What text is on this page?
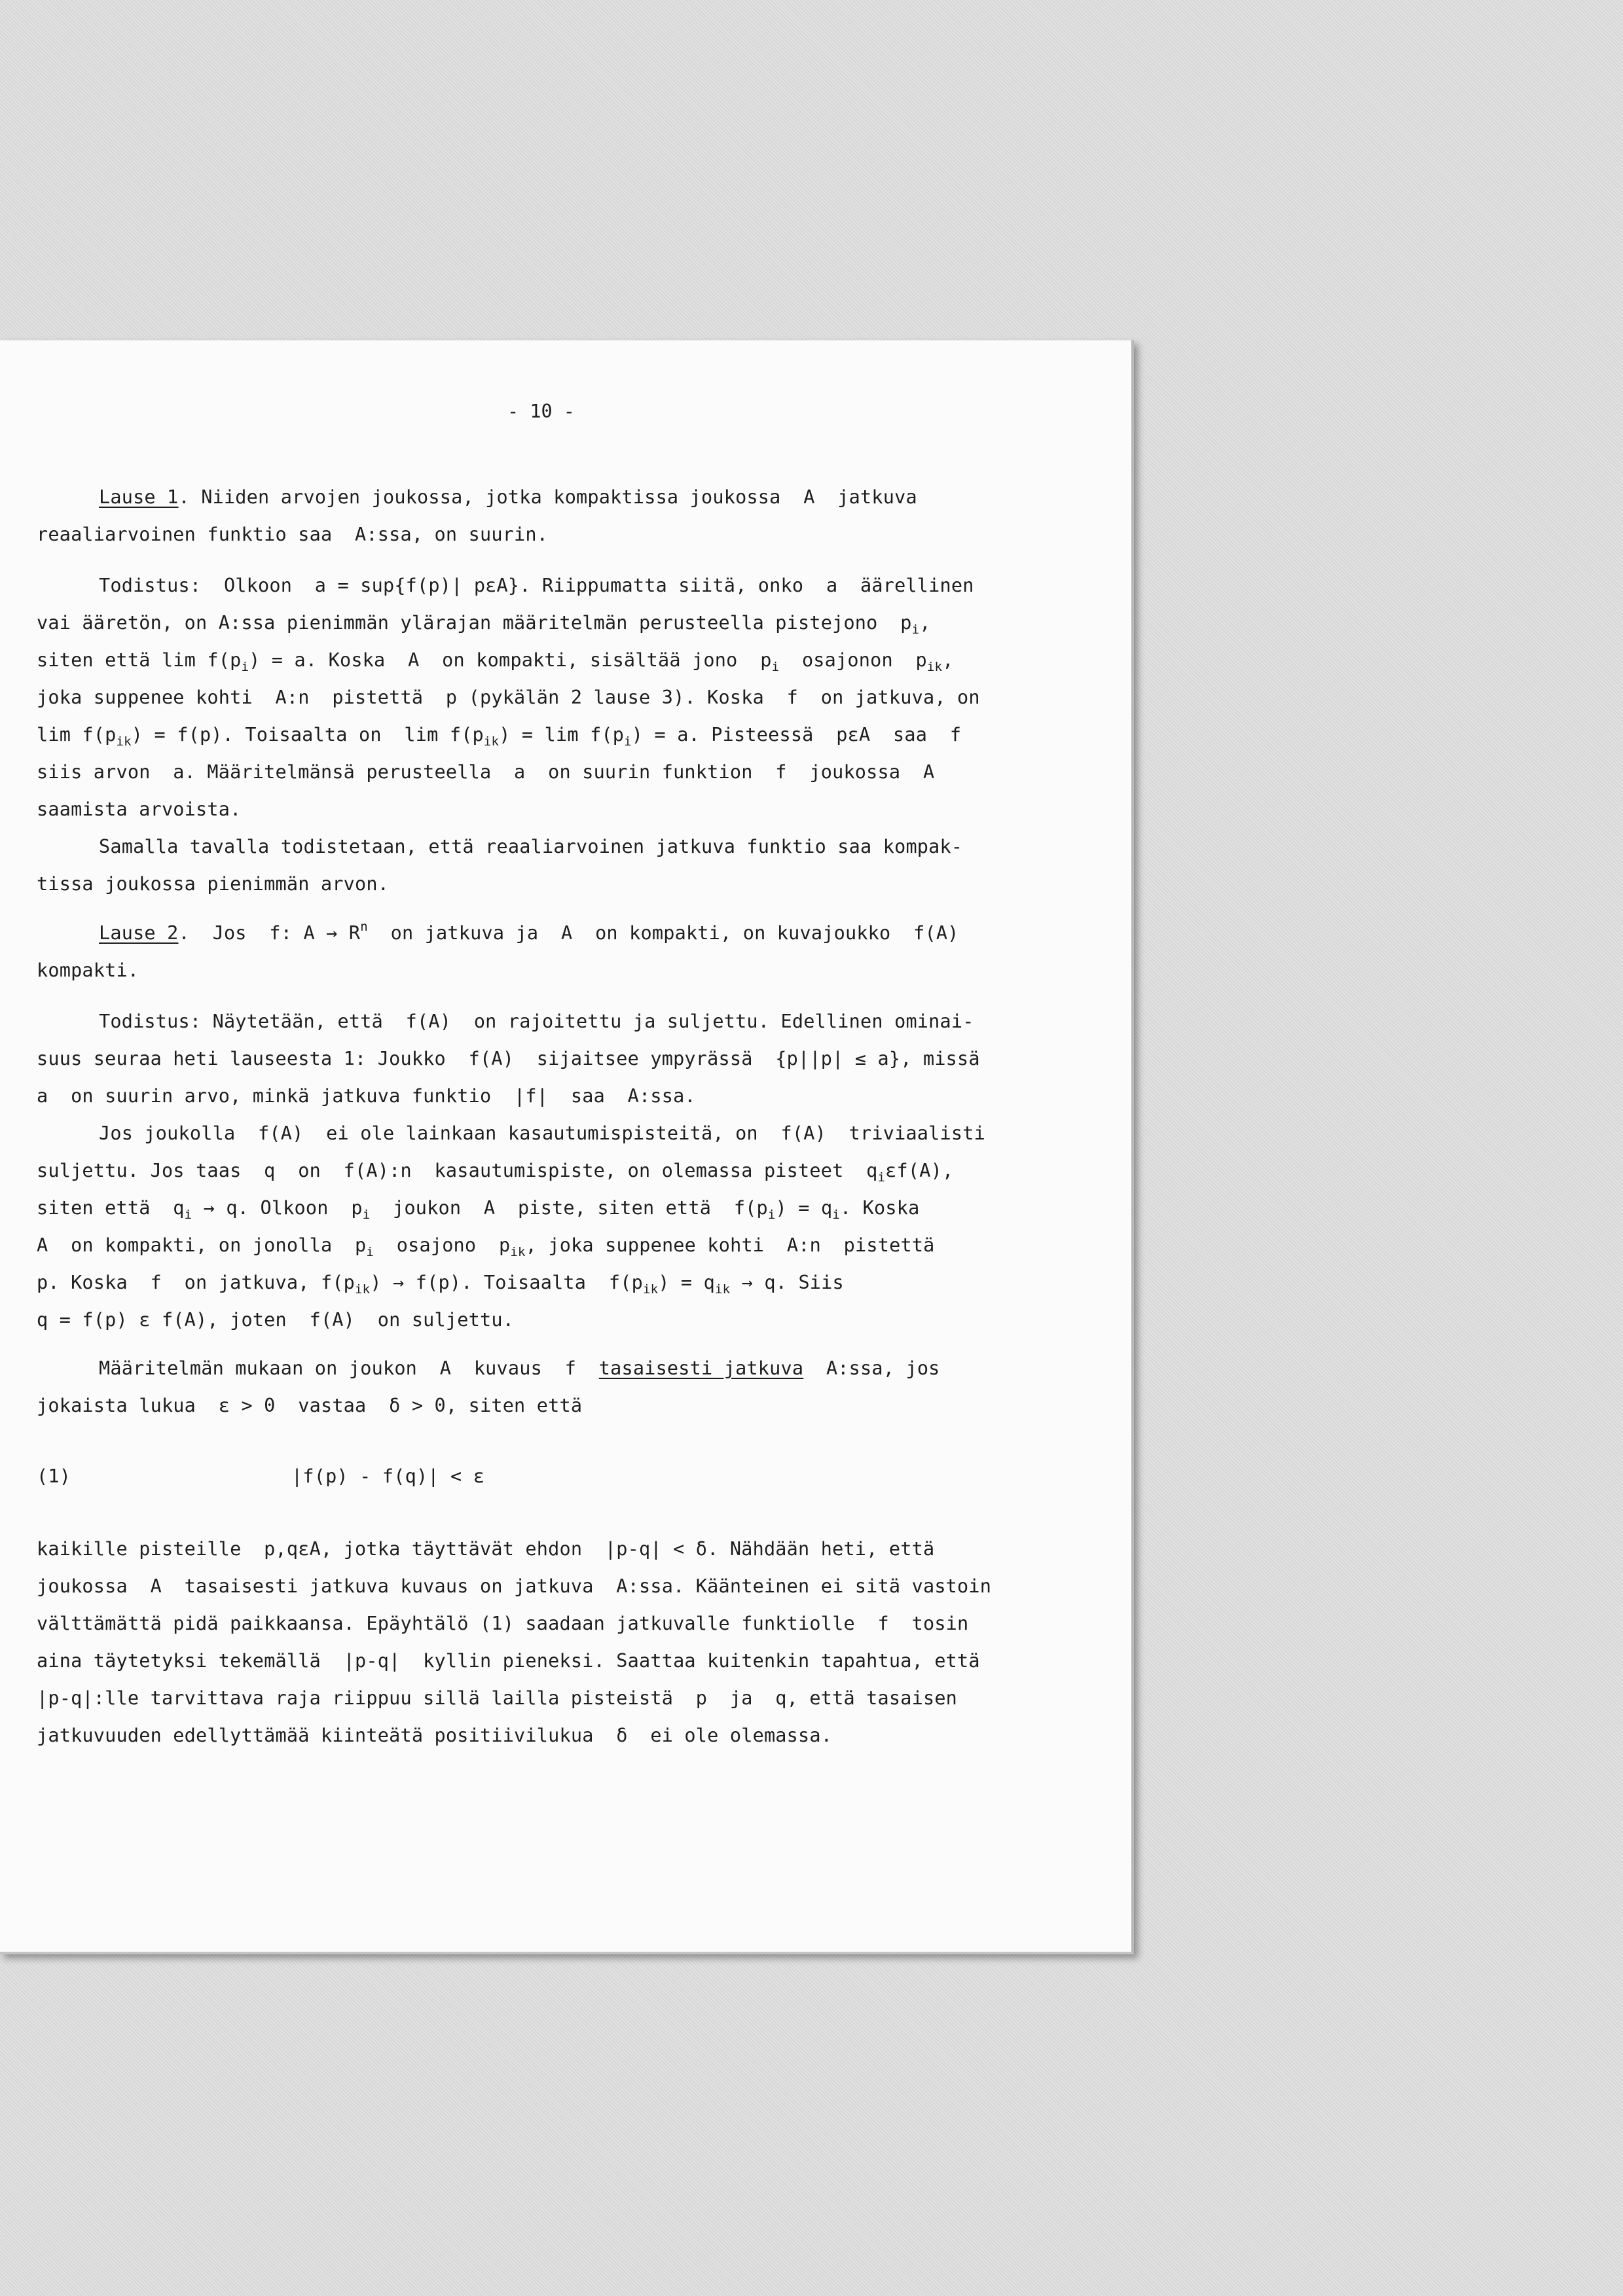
- 10 -
Lause 1. Niiden arvojen joukossa, jotka kompaktissa joukossa  A  jatkuva
reaaliarvoinen funktio saa  A:ssa, on suurin.
Todistus:  Olkoon  a = sup{f(p)| pεA}. Riippumatta siitä, onko  a  äärellinen
vai ääretön, on A:ssa pienimmän ylärajan määritelmän perusteella pistejono  $p_i$,
siten että $\lim f(p_i) = a$. Koska  A  on kompakti, sisältää jono  $p_i$  osajonon  $p_{ik}$,
joka suppenee kohti  A:n  pistettä  p (pykälän 2 lause 3). Koska  f  on jatkuva, on
$\lim f(p_{ik}) = f(p)$. Toisaalta on  $\lim f(p_{ik}) = \lim f(p_i) = a$. Pisteessä  pεA  saa  f
siis arvon  a. Määritelmänsä perusteella  a  on suurin funktion  f  joukossa  A
saamista arvoista.
Samalla tavalla todistetaan, että reaaliarvoinen jatkuva funktio saa kompak-
tissa joukossa pienimmän arvon.
Lause 2.  Jos  f: $A \to R^n$  on jatkuva ja  A  on kompakti, on kuvajoukko  f(A)
kompakti.
Todistus: Näytetään, että  f(A)  on rajoitettu ja suljettu. Edellinen ominai-
suus seuraa heti lauseesta 1: Joukko  f(A)  sijaitsee ympyrässä  {p||p| ≤ a}, missä
a  on suurin arvo, minkä jatkuva funktio  |f|  saa  A:ssa.
Jos joukolla  f(A)  ei ole lainkaan kasautumispisteitä, on  f(A)  triviaalisti
suljettu. Jos taas  q  on  f(A):n  kasautumispiste, on olemassa pisteet  $q_i\varepsilon f(A)$,
siten että  $q_i \to q$. Olkoon  $p_i$  joukon  A  piste, siten että  $f(p_i) = q_i$. Koska
A  on kompakti, on jonolla  $p_i$  osajono  $p_{ik}$, joka suppenee kohti  A:n  pistettä
p. Koska  f  on jatkuva, $f(p_{ik}) \to f(p)$. Toisaalta  $f(p_{ik}) = q_{ik} \to q$. Siis
q = f(p) ε f(A), joten  f(A)  on suljettu.
Määritelmän mukaan on joukon  A  kuvaus  f  tasaisesti jatkuva  A:ssa, jos
jokaista lukua  ε > 0  vastaa  δ > 0, siten että
(1)	|f(p) - f(q)| < ε
kaikille pisteille  p,qεA, jotka täyttävät ehdon  |p-q| < δ. Nähdään heti, että
joukossa  A  tasaisesti jatkuva kuvaus on jatkuva  A:ssa. Käänteinen ei sitä vastoin
välttämättä pidä paikkaansa. Epäyhtälö (1) saadaan jatkuvalle funktiolle  f  tosin
aina täytetyksi tekemällä  |p-q|  kyllin pieneksi. Saattaa kuitenkin tapahtua, että
|p-q|:lle tarvittava raja riippuu sillä lailla pisteistä  p  ja  q, että tasaisen
jatkuvuuden edellyttämää kiinteätä positiivilukua  δ  ei ole olemassa.
